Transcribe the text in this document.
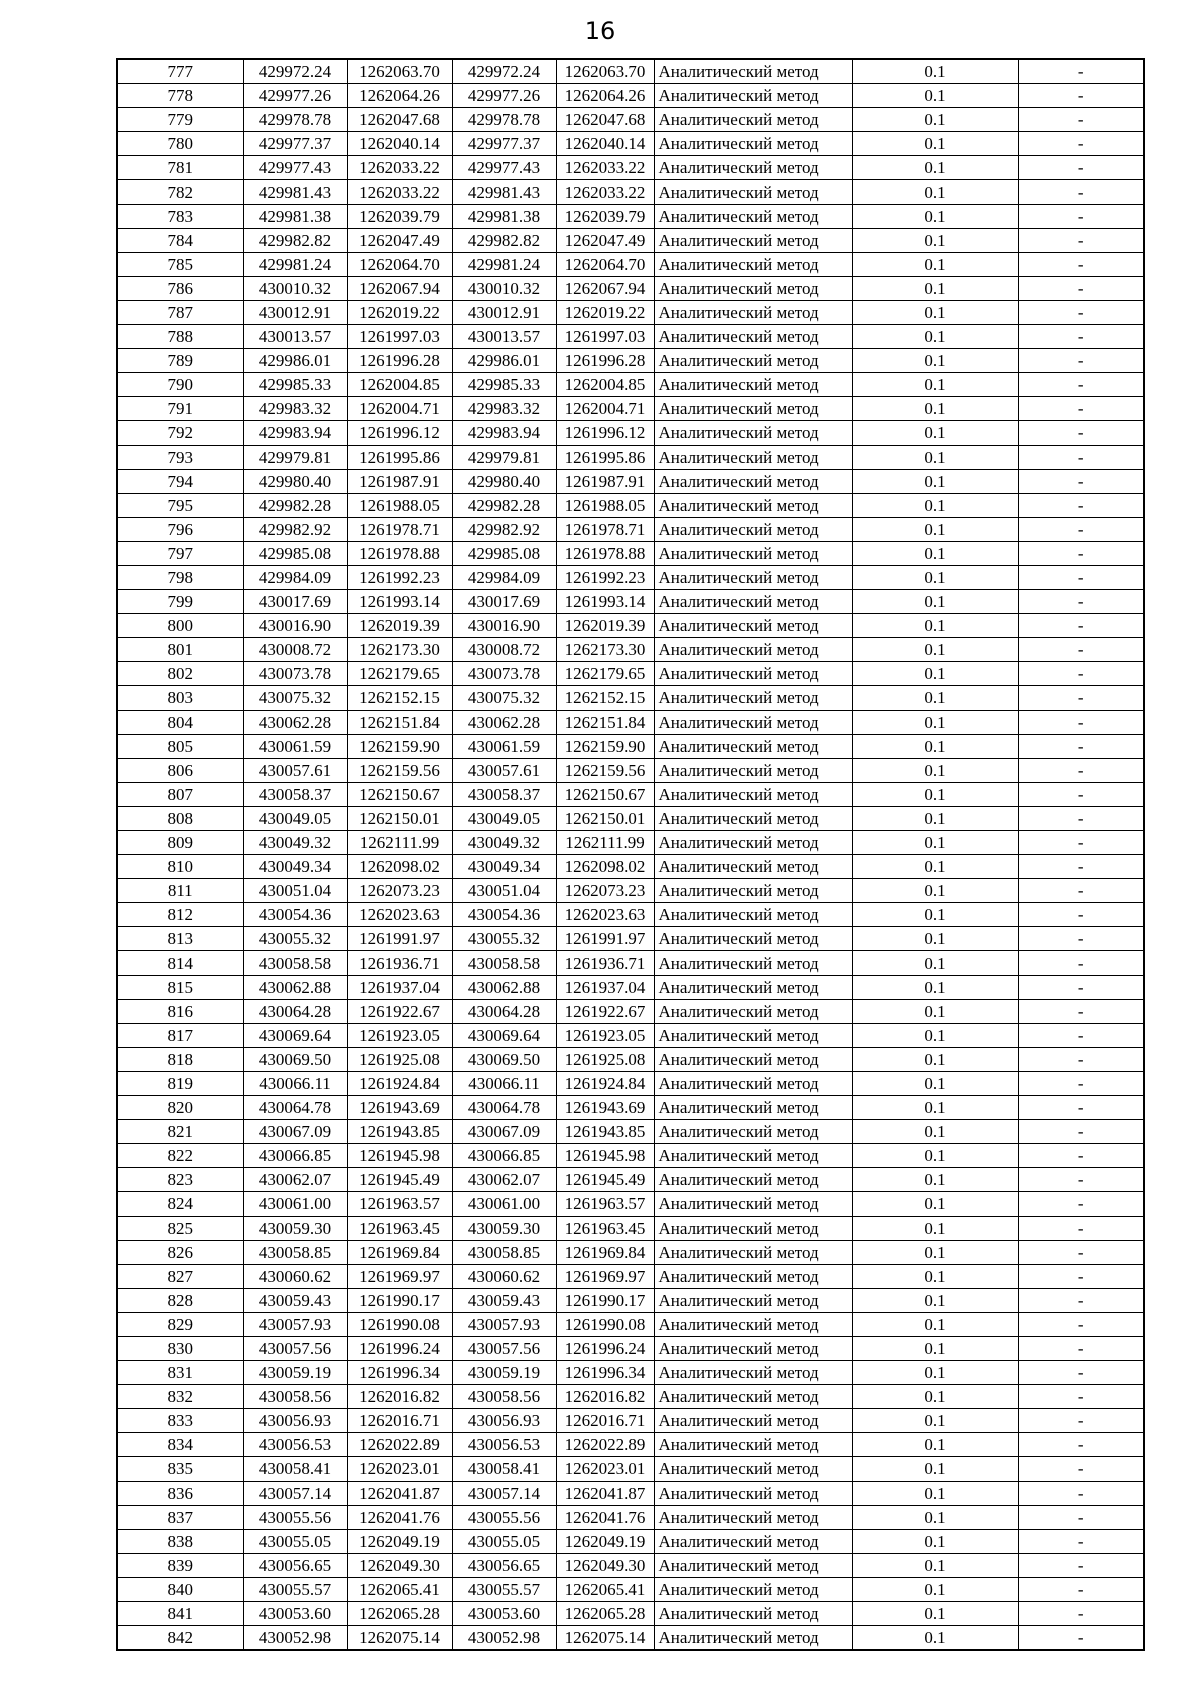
16
777	429972.24	1262063.70	429972.24	1262063.70	Аналитический метод	0.1	-
778	429977.26	1262064.26	429977.26	1262064.26	Аналитический метод	0.1	-
779	429978.78	1262047.68	429978.78	1262047.68	Аналитический метод	0.1	-
780	429977.37	1262040.14	429977.37	1262040.14	Аналитический метод	0.1	-
781	429977.43	1262033.22	429977.43	1262033.22	Аналитический метод	0.1	-
782	429981.43	1262033.22	429981.43	1262033.22	Аналитический метод	0.1	-
783	429981.38	1262039.79	429981.38	1262039.79	Аналитический метод	0.1	-
784	429982.82	1262047.49	429982.82	1262047.49	Аналитический метод	0.1	-
785	429981.24	1262064.70	429981.24	1262064.70	Аналитический метод	0.1	-
786	430010.32	1262067.94	430010.32	1262067.94	Аналитический метод	0.1	-
787	430012.91	1262019.22	430012.91	1262019.22	Аналитический метод	0.1	-
788	430013.57	1261997.03	430013.57	1261997.03	Аналитический метод	0.1	-
789	429986.01	1261996.28	429986.01	1261996.28	Аналитический метод	0.1	-
790	429985.33	1262004.85	429985.33	1262004.85	Аналитический метод	0.1	-
791	429983.32	1262004.71	429983.32	1262004.71	Аналитический метод	0.1	-
792	429983.94	1261996.12	429983.94	1261996.12	Аналитический метод	0.1	-
793	429979.81	1261995.86	429979.81	1261995.86	Аналитический метод	0.1	-
794	429980.40	1261987.91	429980.40	1261987.91	Аналитический метод	0.1	-
795	429982.28	1261988.05	429982.28	1261988.05	Аналитический метод	0.1	-
796	429982.92	1261978.71	429982.92	1261978.71	Аналитический метод	0.1	-
797	429985.08	1261978.88	429985.08	1261978.88	Аналитический метод	0.1	-
798	429984.09	1261992.23	429984.09	1261992.23	Аналитический метод	0.1	-
799	430017.69	1261993.14	430017.69	1261993.14	Аналитический метод	0.1	-
800	430016.90	1262019.39	430016.90	1262019.39	Аналитический метод	0.1	-
801	430008.72	1262173.30	430008.72	1262173.30	Аналитический метод	0.1	-
802	430073.78	1262179.65	430073.78	1262179.65	Аналитический метод	0.1	-
803	430075.32	1262152.15	430075.32	1262152.15	Аналитический метод	0.1	-
804	430062.28	1262151.84	430062.28	1262151.84	Аналитический метод	0.1	-
805	430061.59	1262159.90	430061.59	1262159.90	Аналитический метод	0.1	-
806	430057.61	1262159.56	430057.61	1262159.56	Аналитический метод	0.1	-
807	430058.37	1262150.67	430058.37	1262150.67	Аналитический метод	0.1	-
808	430049.05	1262150.01	430049.05	1262150.01	Аналитический метод	0.1	-
809	430049.32	1262111.99	430049.32	1262111.99	Аналитический метод	0.1	-
810	430049.34	1262098.02	430049.34	1262098.02	Аналитический метод	0.1	-
811	430051.04	1262073.23	430051.04	1262073.23	Аналитический метод	0.1	-
812	430054.36	1262023.63	430054.36	1262023.63	Аналитический метод	0.1	-
813	430055.32	1261991.97	430055.32	1261991.97	Аналитический метод	0.1	-
814	430058.58	1261936.71	430058.58	1261936.71	Аналитический метод	0.1	-
815	430062.88	1261937.04	430062.88	1261937.04	Аналитический метод	0.1	-
816	430064.28	1261922.67	430064.28	1261922.67	Аналитический метод	0.1	-
817	430069.64	1261923.05	430069.64	1261923.05	Аналитический метод	0.1	-
818	430069.50	1261925.08	430069.50	1261925.08	Аналитический метод	0.1	-
819	430066.11	1261924.84	430066.11	1261924.84	Аналитический метод	0.1	-
820	430064.78	1261943.69	430064.78	1261943.69	Аналитический метод	0.1	-
821	430067.09	1261943.85	430067.09	1261943.85	Аналитический метод	0.1	-
822	430066.85	1261945.98	430066.85	1261945.98	Аналитический метод	0.1	-
823	430062.07	1261945.49	430062.07	1261945.49	Аналитический метод	0.1	-
824	430061.00	1261963.57	430061.00	1261963.57	Аналитический метод	0.1	-
825	430059.30	1261963.45	430059.30	1261963.45	Аналитический метод	0.1	-
826	430058.85	1261969.84	430058.85	1261969.84	Аналитический метод	0.1	-
827	430060.62	1261969.97	430060.62	1261969.97	Аналитический метод	0.1	-
828	430059.43	1261990.17	430059.43	1261990.17	Аналитический метод	0.1	-
829	430057.93	1261990.08	430057.93	1261990.08	Аналитический метод	0.1	-
830	430057.56	1261996.24	430057.56	1261996.24	Аналитический метод	0.1	-
831	430059.19	1261996.34	430059.19	1261996.34	Аналитический метод	0.1	-
832	430058.56	1262016.82	430058.56	1262016.82	Аналитический метод	0.1	-
833	430056.93	1262016.71	430056.93	1262016.71	Аналитический метод	0.1	-
834	430056.53	1262022.89	430056.53	1262022.89	Аналитический метод	0.1	-
835	430058.41	1262023.01	430058.41	1262023.01	Аналитический метод	0.1	-
836	430057.14	1262041.87	430057.14	1262041.87	Аналитический метод	0.1	-
837	430055.56	1262041.76	430055.56	1262041.76	Аналитический метод	0.1	-
838	430055.05	1262049.19	430055.05	1262049.19	Аналитический метод	0.1	-
839	430056.65	1262049.30	430056.65	1262049.30	Аналитический метод	0.1	-
840	430055.57	1262065.41	430055.57	1262065.41	Аналитический метод	0.1	-
841	430053.60	1262065.28	430053.60	1262065.28	Аналитический метод	0.1	-
842	430052.98	1262075.14	430052.98	1262075.14	Аналитический метод	0.1	-
